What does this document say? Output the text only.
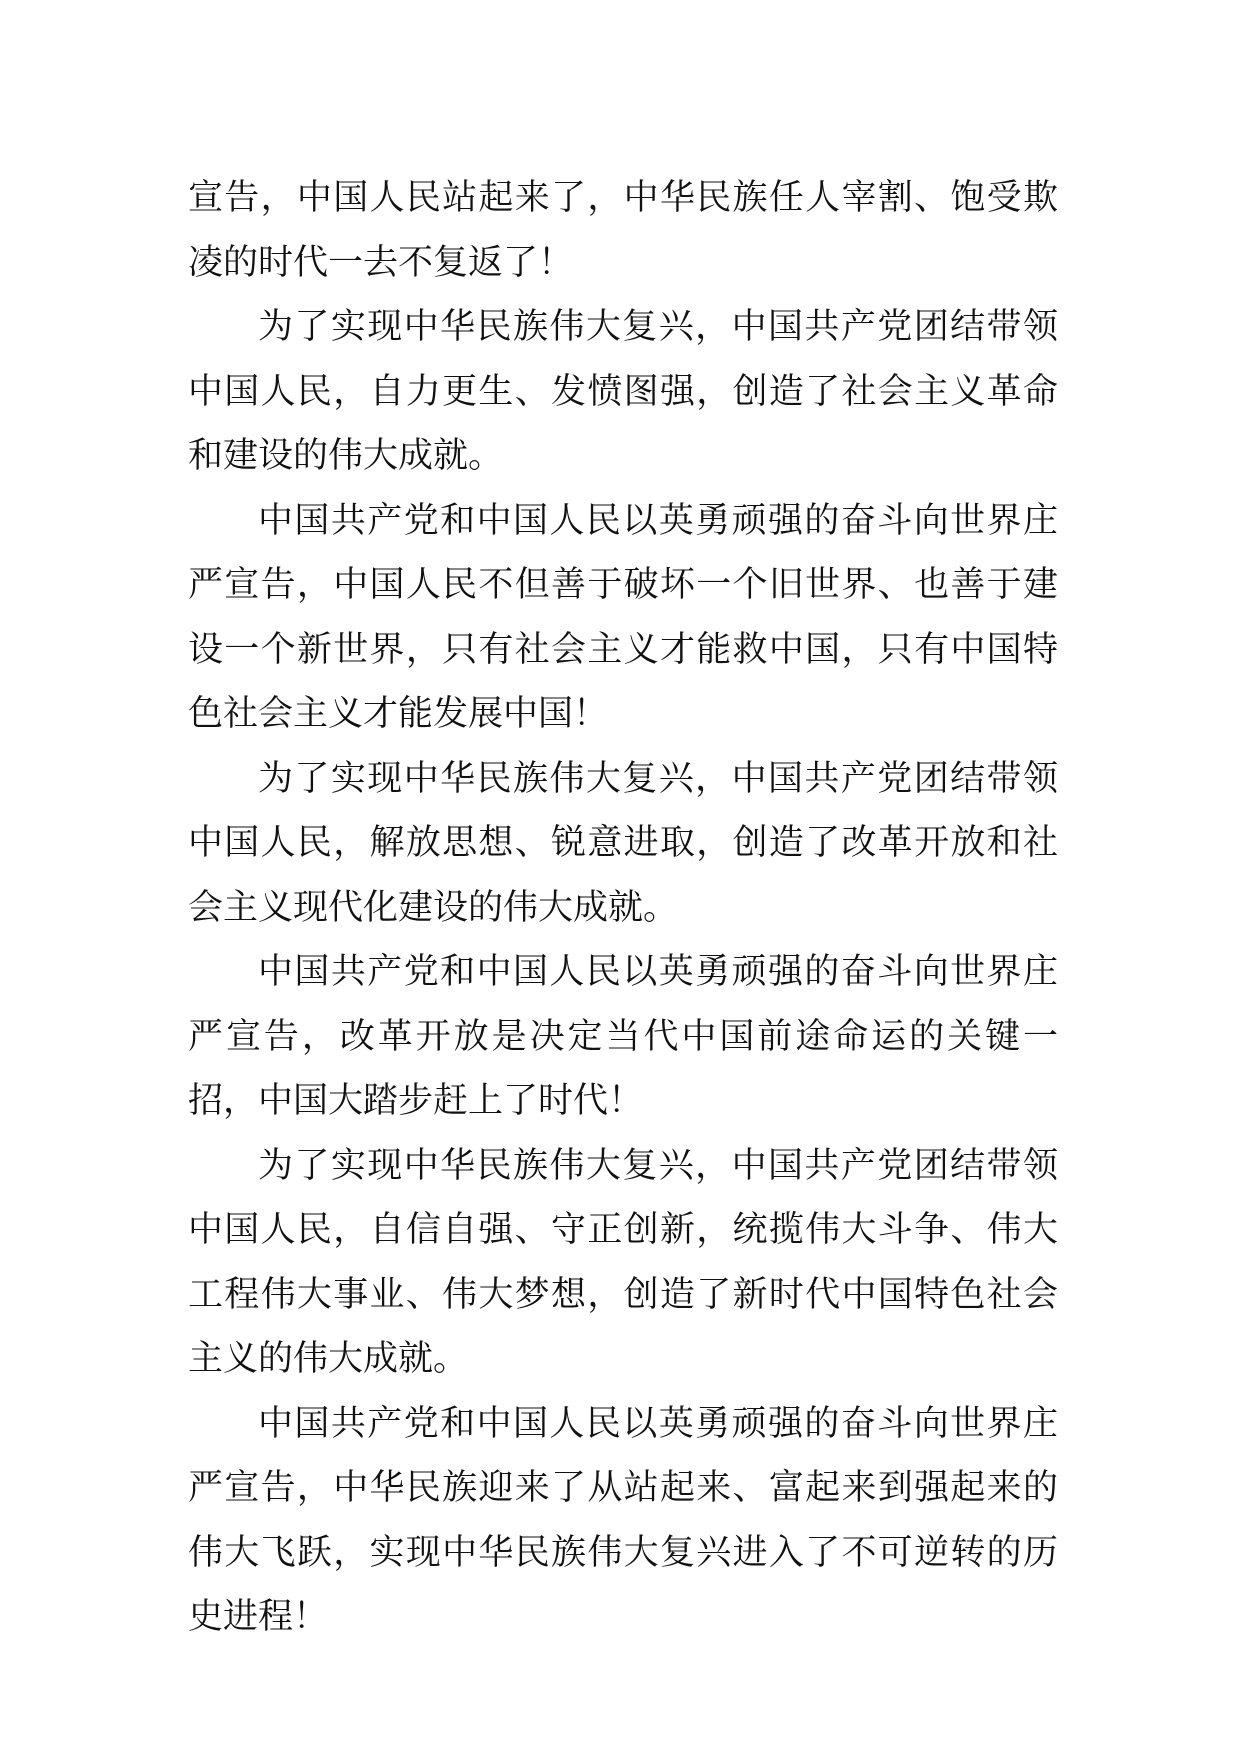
宣告，中国人民站起来了，中华民族任人宰割、饱受欺凌的时代一去不复返了！

为了实现中华民族伟大复兴，中国共产党团结带领中国人民，自力更生、发愤图强，创造了社会主义革命和建设的伟大成就。

中国共产党和中国人民以英勇顽强的奋斗向世界庄严宣告，中国人民不但善于破坏一个旧世界、也善于建设一个新世界，只有社会主义才能救中国，只有中国特色社会主义才能发展中国！

为了实现中华民族伟大复兴，中国共产党团结带领中国人民，解放思想、锐意进取，创造了改革开放和社会主义现代化建设的伟大成就。

中国共产党和中国人民以英勇顽强的奋斗向世界庄严宣告，改革开放是决定当代中国前途命运的关键一招，中国大踏步赶上了时代！

为了实现中华民族伟大复兴，中国共产党团结带领中国人民，自信自强、守正创新，统揽伟大斗争、伟大工程伟大事业、伟大梦想，创造了新时代中国特色社会主义的伟大成就。

中国共产党和中国人民以英勇顽强的奋斗向世界庄严宣告，中华民族迎来了从站起来、富起来到强起来的伟大飞跃，实现中华民族伟大复兴进入了不可逆转的历史进程！
